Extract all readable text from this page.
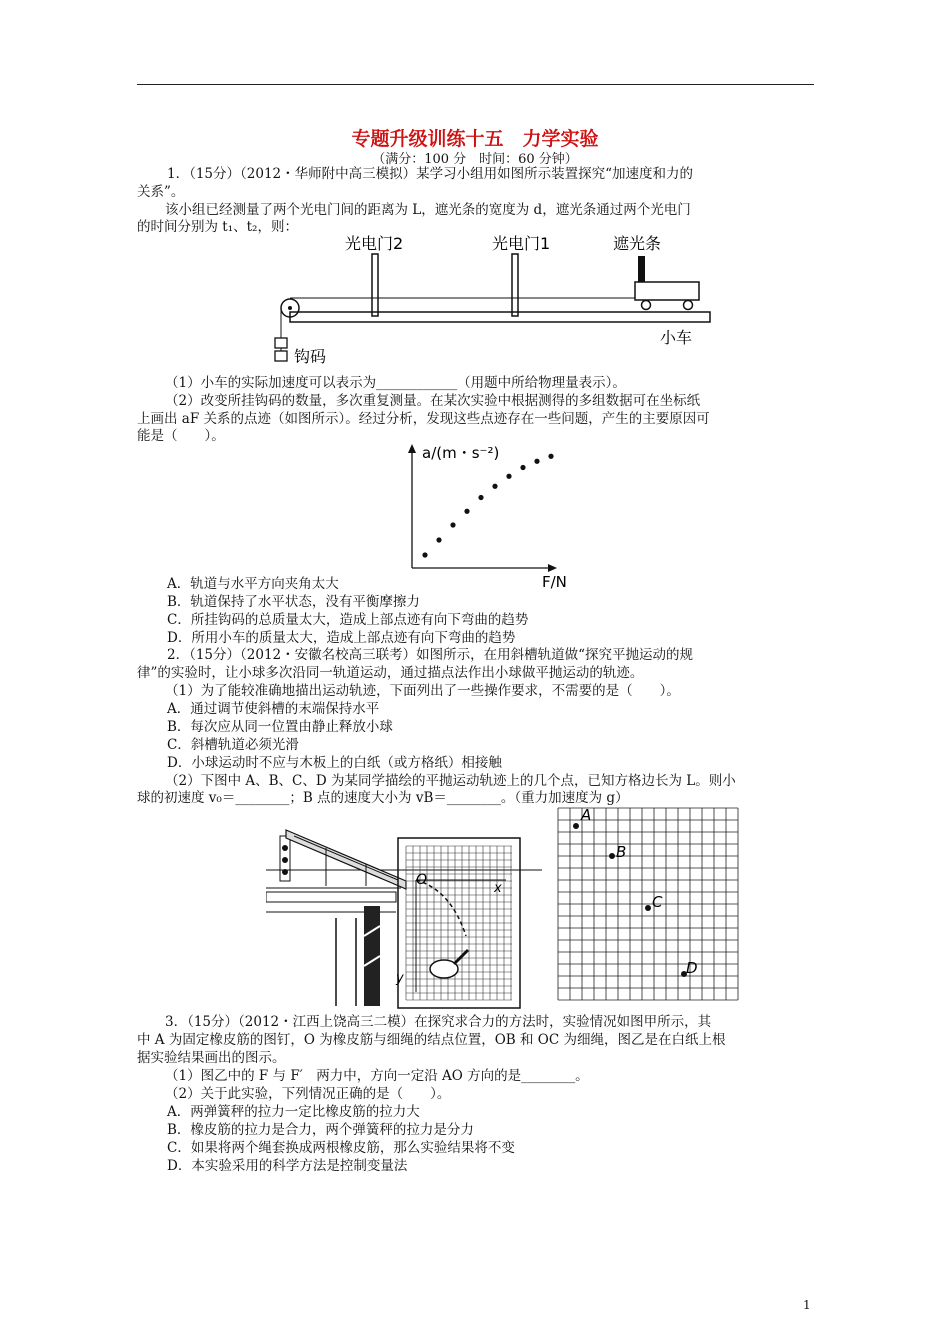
专题升级训练十五　力学实验
（满分：100 分　时间：60 分钟）
1．（15分）（2012・华师附中高三模拟）某学习小组用如图所示装置探究“加速度和力的
关系”。
该小组已经测量了两个光电门间的距离为 L，遮光条的宽度为 d，遮光条通过两个光电门
的时间分别为 t₁、t₂，则：
光电门2	光电门1	遮光条
钩码
小车
（1）小车的实际加速度可以表示为____________（用题中所给物理量表示）。
（2）改变所挂钩码的数量，多次重复测量。在某次实验中根据测得的多组数据可在坐标纸
上画出 aF 关系的点迹（如图所示）。经过分析，发现这些点迹存在一些问题，产生的主要原因可
能是（　　）。
a/(m・s⁻²)
F/N
A．轨道与水平方向夹角太大
B．轨道保持了水平状态，没有平衡摩擦力
C．所挂钩码的总质量太大，造成上部点迹有向下弯曲的趋势
D．所用小车的质量太大，造成上部点迹有向下弯曲的趋势
2．（15分）（2012・安徽名校高三联考）如图所示，在用斜槽轨道做“探究平抛运动的规
律”的实验时，让小球多次沿同一轨道运动，通过描点法作出小球做平抛运动的轨迹。
（1）为了能较准确地描出运动轨迹，下面列出了一些操作要求，不需要的是（　　）。
A．通过调节使斜槽的末端保持水平
B．每次应从同一位置由静止释放小球
C．斜槽轨道必须光滑
D．小球运动时不应与木板上的白纸（或方格纸）相接触
（2）下图中 A、B、C、D 为某同学描绘的平抛运动轨迹上的几个点，已知方格边长为 L。则小
球的初速度 v₀＝________；B 点的速度大小为 vB＝________。（重力加速度为 g）
x
y
O
A
B
C
D
3．（15分）（2012・江西上饶高三二模）在探究求合力的方法时，实验情况如图甲所示，其
中 A 为固定橡皮筋的图钉，O 为橡皮筋与细绳的结点位置，OB 和 OC 为细绳，图乙是在白纸上根
据实验结果画出的图示。
（1）图乙中的 F 与 F′　两力中，方向一定沿 AO 方向的是________。
（2）关于此实验，下列情况正确的是（　　）。
A．两弹簧秤的拉力一定比橡皮筋的拉力大
B．橡皮筋的拉力是合力，两个弹簧秤的拉力是分力
C．如果将两个绳套换成两根橡皮筋，那么实验结果将不变
D．本实验采用的科学方法是控制变量法
1
